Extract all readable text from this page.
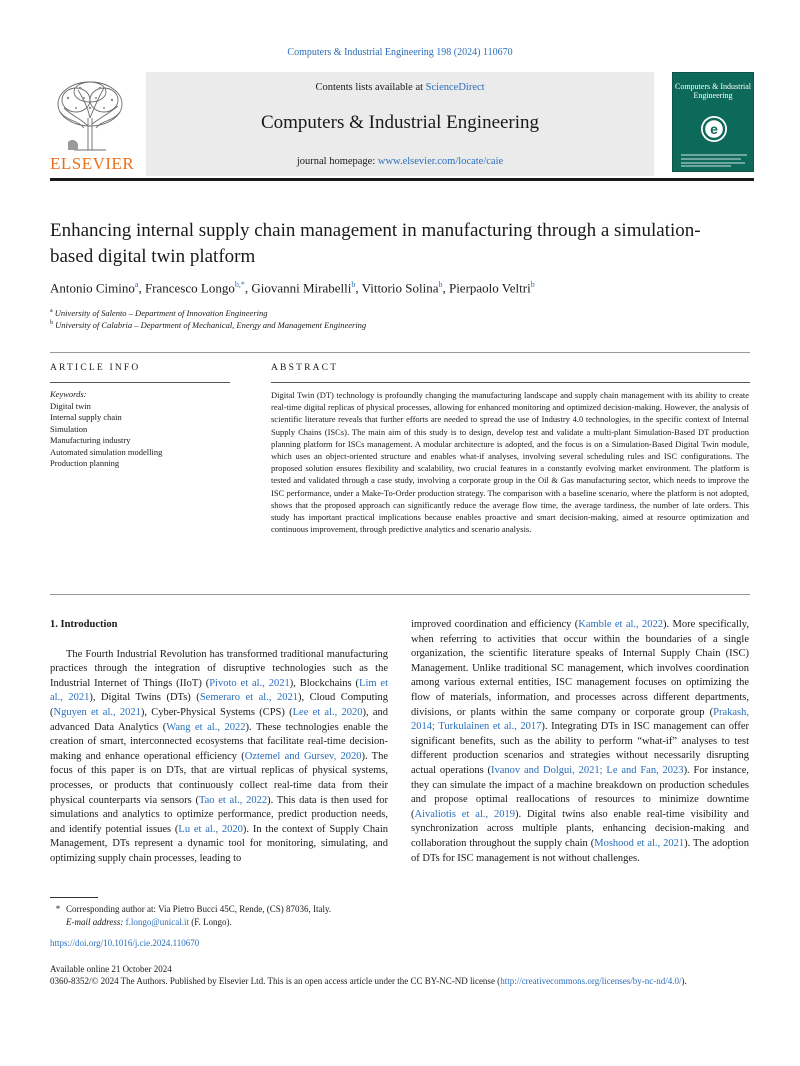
Computers & Industrial Engineering 198 (2024) 110670
ELSEVIER
Contents lists available at ScienceDirect
Computers & Industrial Engineering
journal homepage: www.elsevier.com/locate/caie
Computers & Industrial Engineering
e
Enhancing internal supply chain management in manufacturing through a simulation-based digital twin platform
Antonio Cimino$^a$, Francesco Longo$^{b,*}$, Giovanni Mirabelli$^b$, Vittorio Solina$^b$, Pierpaolo Veltri$^b$
$^a$ University of Salento – Department of Innovation Engineering
$^b$ University of Calabria – Department of Mechanical, Energy and Management Engineering
ARTICLE INFO	ABSTRACT
Keywords:
Digital twin
Internal supply chain
Simulation
Manufacturing industry
Automated simulation modelling
Production planning

Digital Twin (DT) technology is profoundly changing the manufacturing landscape and supply chain management with its ability to create real-time digital replicas of physical processes, allowing for enhanced monitoring and optimized decision-making. However, the analysis of scientific literature reveals that further efforts are needed to spread the use of Industry 4.0 technologies, in the specific context of Internal Supply Chains (ISCs). The main aim of this study is to design, develop test and validate a multi-plant Simulation-Based DT production planning platform for ISCs management. A modular architecture is adopted, and the focus is on a Simulation-Based Digital Twin module, which uses an object-oriented structure and enables what-if analyses, involving several scheduling rules and ISC configurations. The proposed solution ensures flexibility and scalability, two crucial features in a constantly evolving market environment. The platform is tested and validated through a case study, involving a corporate group in the Oil & Gas manufacturing sector, which needs to improve the ISC performance, under a Make-To-Order production strategy. The comparison with a baseline scenario, where the platform is not adopted, shows that the proposed approach can significantly reduce the average flow time, the average tardiness, the number of late orders. This study has important practical implications because enables proactive and smart decision-making, aimed at resource optimization and continuous improvement, through predictive analytics and scenario analysis.

1. Introduction

The Fourth Industrial Revolution has transformed traditional manufacturing practices through the integration of disruptive technologies such as the Industrial Internet of Things (IIoT) (Pivoto et al., 2021), Blockchains (Lim et al., 2021), Digital Twins (DTs) (Semeraro et al., 2021), Cloud Computing (Nguyen et al., 2021), Cyber-Physical Systems (CPS) (Lee et al., 2020), and advanced Data Analytics (Wang et al., 2022). These technologies enable the creation of smart, interconnected ecosystems that facilitate real-time decision-making and enhance operational efficiency (Oztemel and Gursev, 2020). The focus of this paper is on DTs, that are virtual replicas of physical systems, processes, or products that continuously collect real-time data from their physical counterparts via sensors (Tao et al., 2022). This data is then used for simulations and analytics to optimize performance, predict production needs, and identify potential issues (Lu et al., 2020). In the context of Supply Chain Management, DTs represent a dynamic tool for monitoring, simulating, and optimizing supply chain processes, leading to

improved coordination and efficiency (Kamble et al., 2022). More specifically, when referring to activities that occur within the boundaries of a single organization, the scientific literature speaks of Internal Supply Chain (ISC) Management. Unlike traditional SC management, which involves coordination among various external entities, ISC management focuses on optimizing the flow of materials, information, and processes across different departments, divisions, or plants within the same company or corporate group (Prakash, 2014; Turkulainen et al., 2017). Integrating DTs in ISC management can offer significant benefits, such as the ability to perform “what-if” analyses to test different production scenarios and strategies without necessarily disrupting actual operations (Ivanov and Dolgui, 2021; Le and Fan, 2023). For instance, they can simulate the impact of a machine breakdown on production schedules and propose optimal reallocations of resources to minimize downtime (Aivaliotis et al., 2019). Digital twins also enable real-time visibility and synchronization across multiple plants, enhancing decision-making and collaboration throughout the supply chain (Moshood et al., 2021). The adoption of DTs for ISC management is not without challenges.

* Corresponding author at: Via Pietro Bucci 45C, Rende, (CS) 87036, Italy.
E-mail address: f.longo@unical.it (F. Longo).
https://doi.org/10.1016/j.cie.2024.110670
Available online 21 October 2024
0360-8352/© 2024 The Authors. Published by Elsevier Ltd. This is an open access article under the CC BY-NC-ND license (http://creativecommons.org/licenses/by-nc-nd/4.0/).
